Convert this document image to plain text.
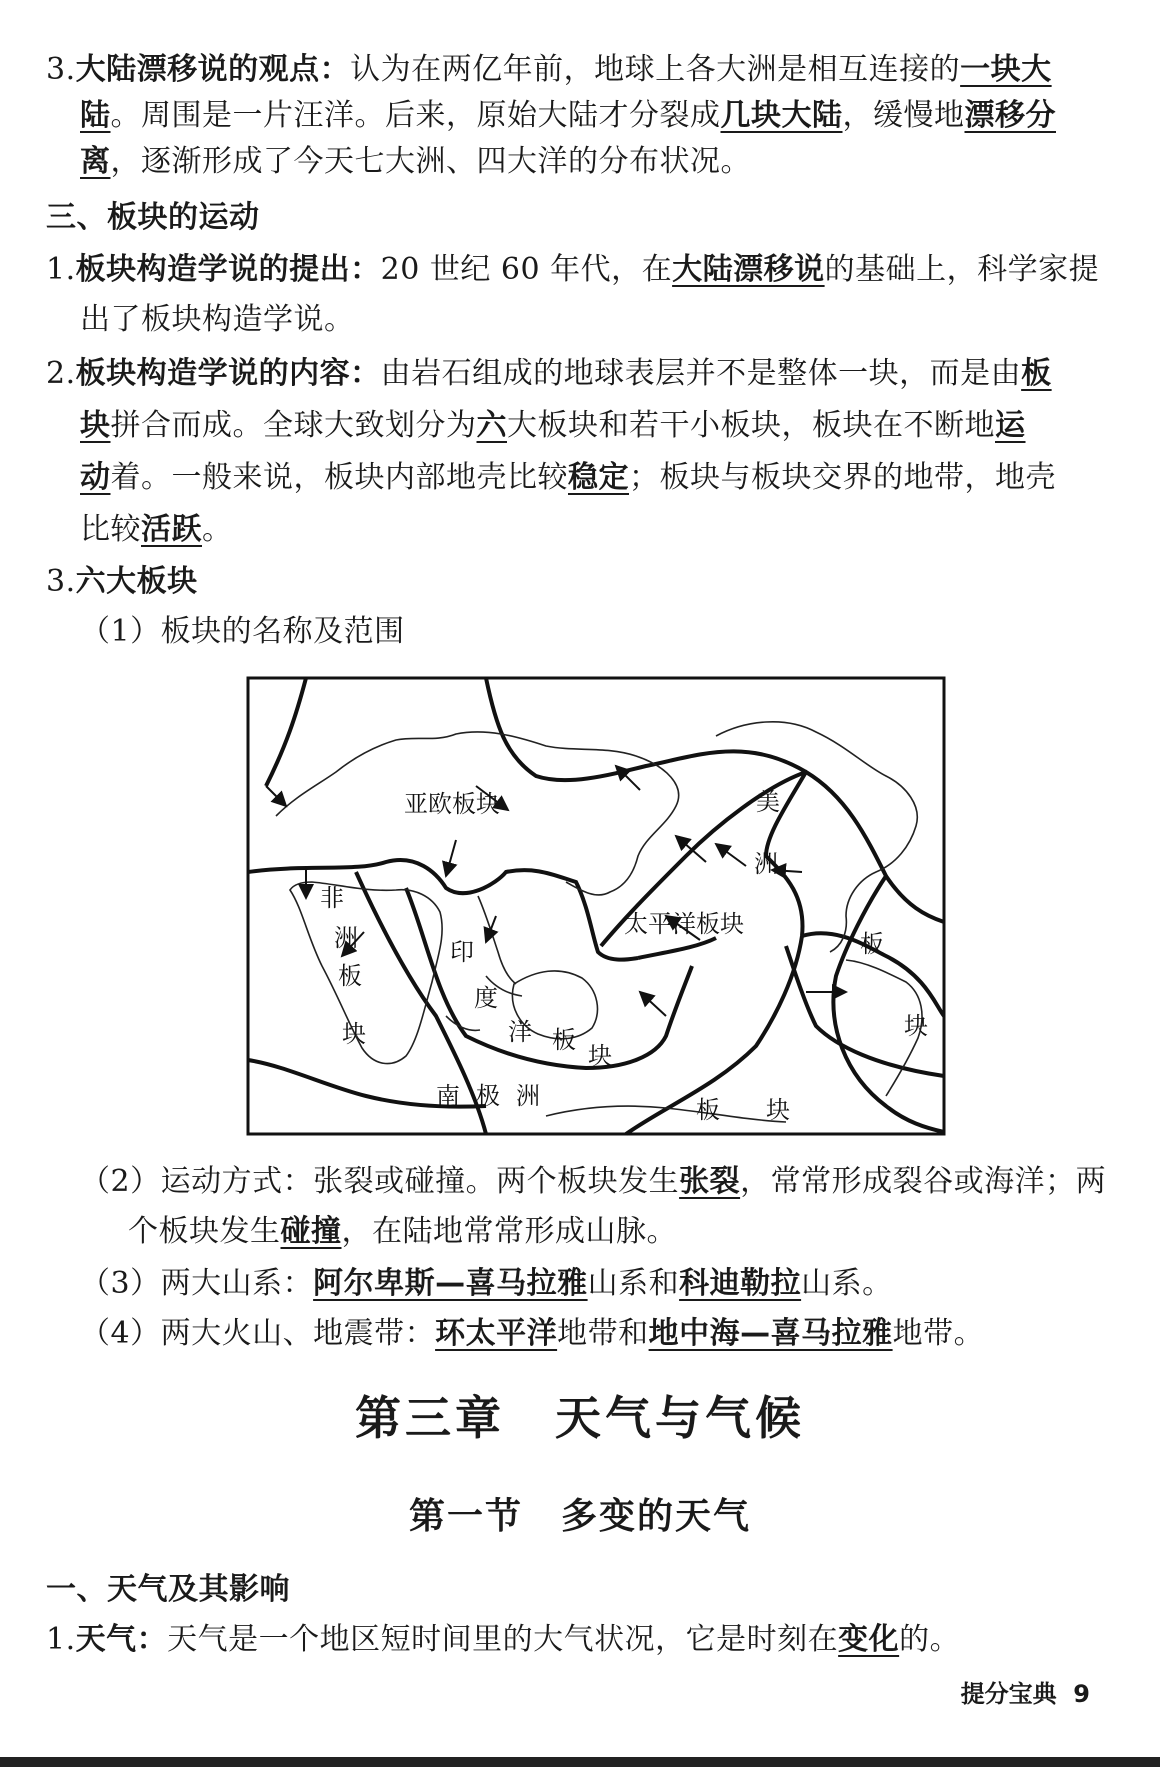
3.大陆漂移说的观点：认为在两亿年前，地球上各大洲是相互连接的一块大
陆。周围是一片汪洋。后来，原始大陆才分裂成几块大陆，缓慢地漂移分
离，逐渐形成了今天七大洲、四大洋的分布状况。
三、板块的运动
1.板块构造学说的提出：20 世纪 60 年代，在大陆漂移说的基础上，科学家提
出了板块构造学说。
2.板块构造学说的内容：由岩石组成的地球表层并不是整体一块，而是由板
块拼合而成。全球大致划分为六大板块和若干小板块，板块在不断地运
动着。一般来说，板块内部地壳比较稳定；板块与板块交界的地带，地壳
比较活跃。
3.六大板块
（1）板块的名称及范围
亚欧板块	美
洲
板
块
非
洲
板
块
太平洋板块
印
度
洋 板
块
南 极 洲	板 块
（2）运动方式：张裂或碰撞。两个板块发生张裂，常常形成裂谷或海洋；两
个板块发生碰撞，在陆地常常形成山脉。
（3）两大山系：阿尔卑斯—喜马拉雅山系和科迪勒拉山系。
（4）两大火山、地震带：环太平洋地带和地中海—喜马拉雅地带。
第三章　天气与气候
第一节　多变的天气
一、天气及其影响
1.天气：天气是一个地区短时间里的大气状况，它是时刻在变化的。
提分宝典 9
